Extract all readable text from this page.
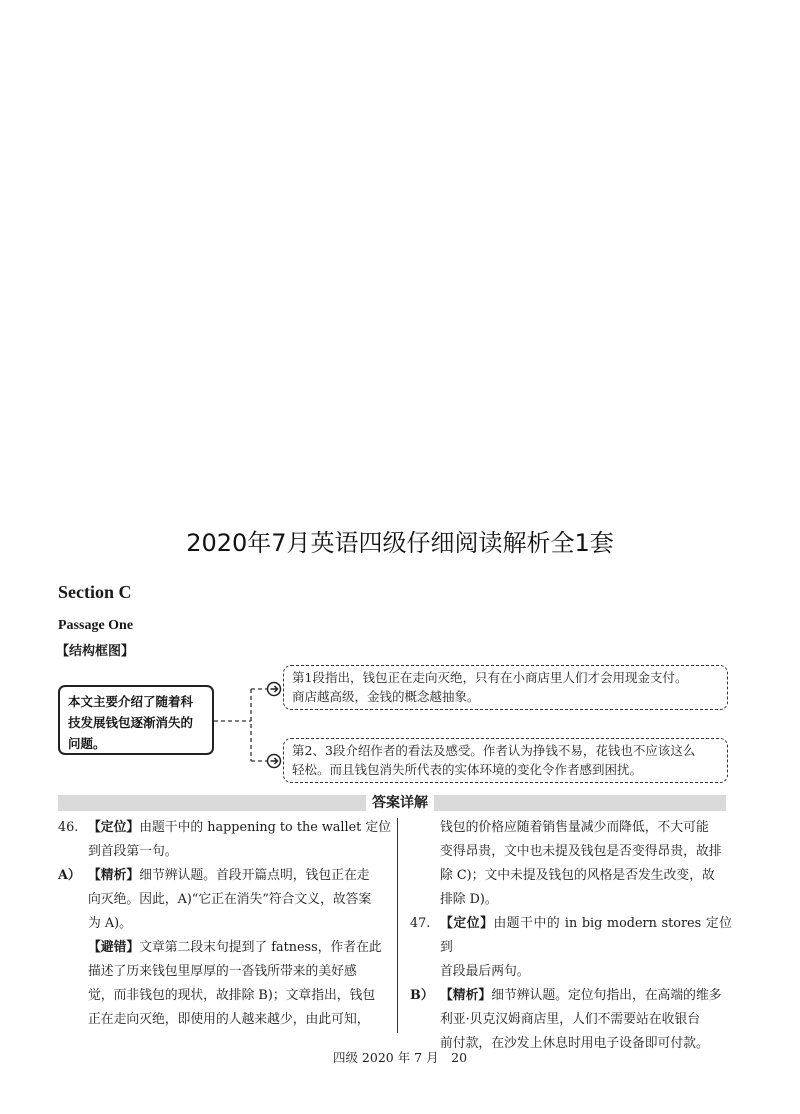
2020年7月英语四级仔细阅读解析全1套
Section C
Passage One
【结构框图】
本文主要介绍了随着科
技发展钱包逐渐消失的
问题。
第1段指出，钱包正在走向灭绝，只有在小商店里人们才会用现金支付。
商店越高级，金钱的概念越抽象。
第2、3段介绍作者的看法及感受。作者认为挣钱不易，花钱也不应该这么
轻松。而且钱包消失所代表的实体环境的变化令作者感到困扰。
答案详解
46. 【定位】由题干中的 happening to the wallet 定位

到首段第一句。

A） 【精析】细节辨认题。首段开篇点明，钱包正在走

向灭绝。因此，A)“它正在消失”符合文义，故答案

为 A)。

【避错】文章第二段末句提到了 fatness，作者在此

描述了历来钱包里厚厚的一沓钱所带来的美好感

觉，而非钱包的现状，故排除 B)；文章指出，钱包

正在走向灭绝，即使用的人越来越少，由此可知，

钱包的价格应随着销售量减少而降低，不大可能

变得昂贵，文中也未提及钱包是否变得昂贵，故排

除 C)；文中未提及钱包的风格是否发生改变，故

排除 D)。

47. 【定位】由题干中的 in big modern stores 定位到

首段最后两句。

B） 【精析】细节辨认题。定位句指出，在高端的维多

利亚·贝克汉姆商店里，人们不需要站在收银台

前付款，在沙发上休息时用电子设备即可付款。

四级 2020 年 7 月　20
